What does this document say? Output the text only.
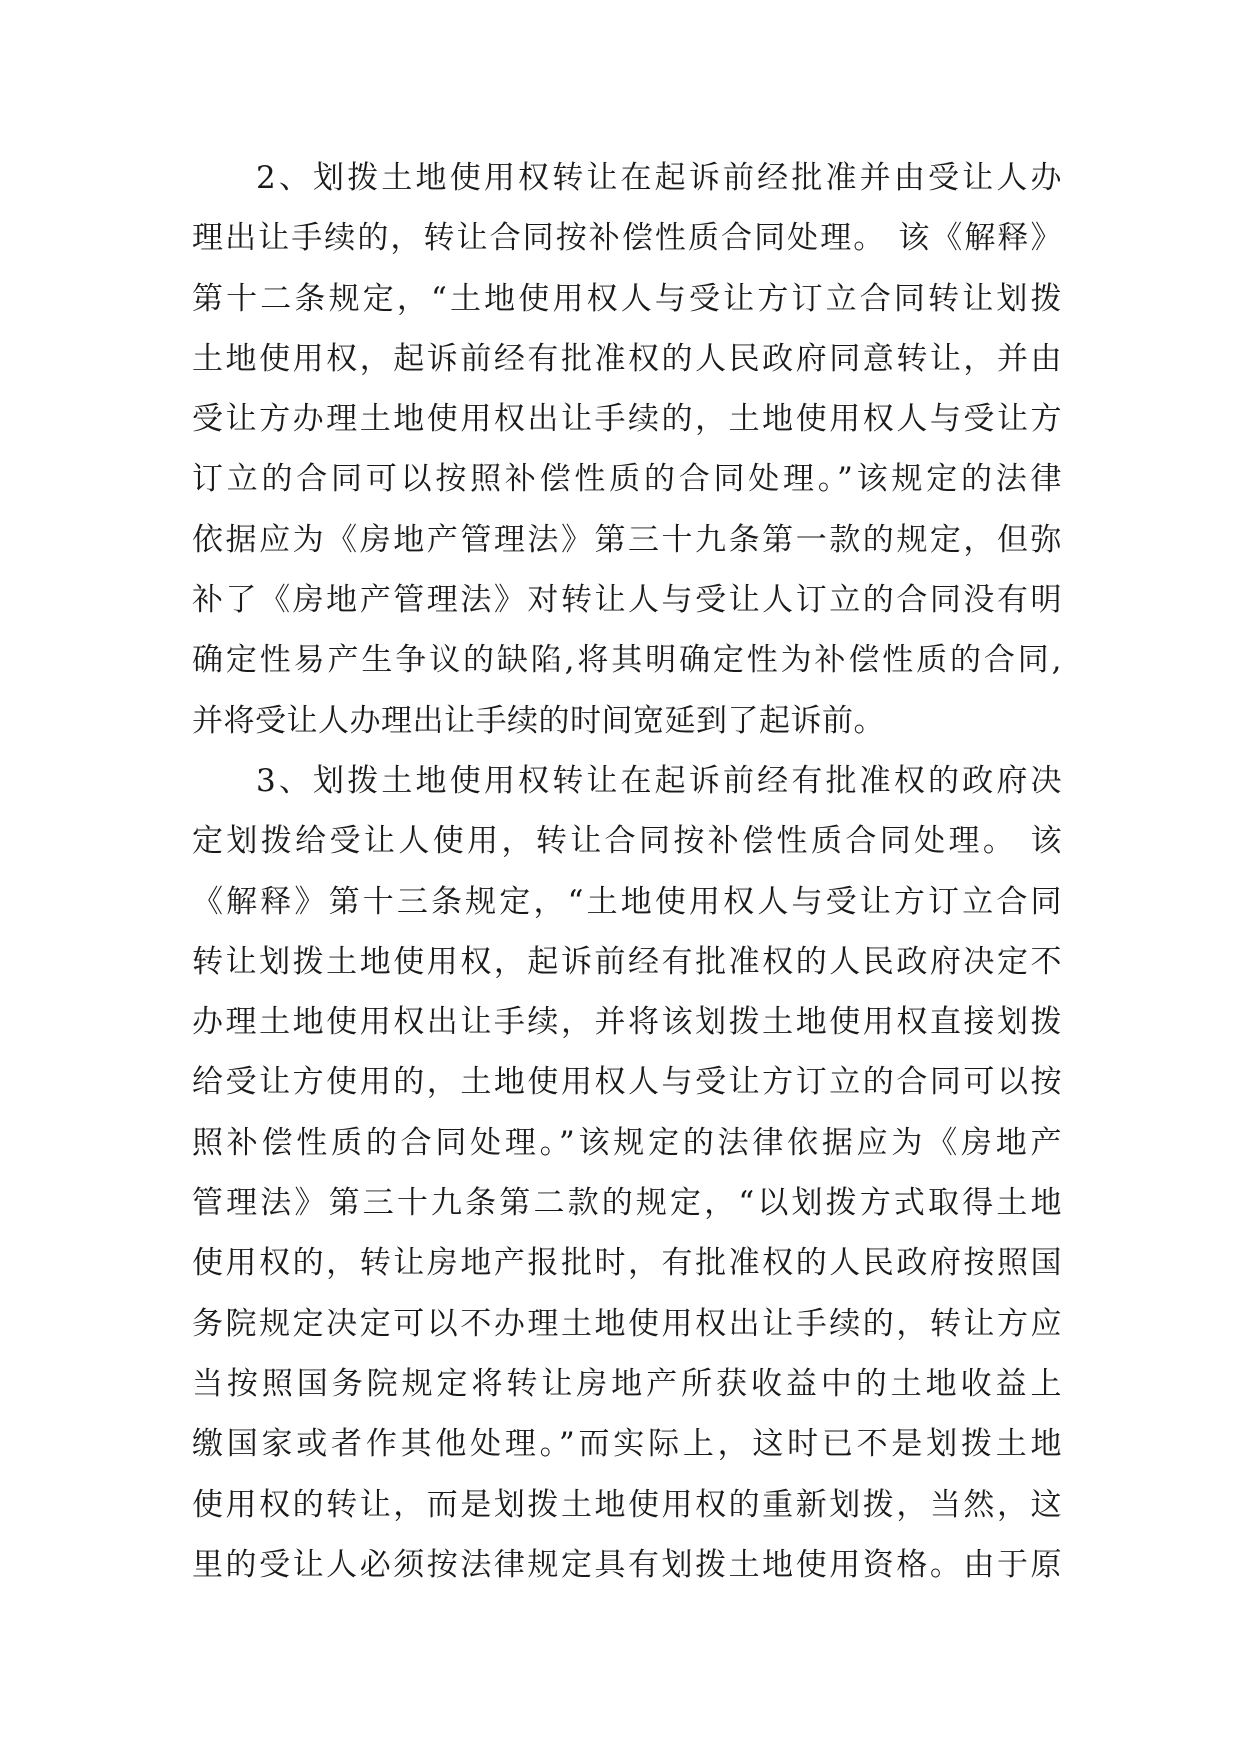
2、划拨土地使用权转让在起诉前经批准并由受让人办
理出让手续的，转让合同按补偿性质合同处理。 该《解释》
第十二条规定，“土地使用权人与受让方订立合同转让划拨
土地使用权，起诉前经有批准权的人民政府同意转让，并由
受让方办理土地使用权出让手续的，土地使用权人与受让方
订立的合同可以按照补偿性质的合同处理。”该规定的法律
依据应为《房地产管理法》第三十九条第一款的规定，但弥
补了《房地产管理法》对转让人与受让人订立的合同没有明
确定性易产生争议的缺陷,将其明确定性为补偿性质的合同,
并将受让人办理出让手续的时间宽延到了起诉前。
3、划拨土地使用权转让在起诉前经有批准权的政府决
定划拨给受让人使用，转让合同按补偿性质合同处理。 该
《解释》第十三条规定，“土地使用权人与受让方订立合同
转让划拨土地使用权，起诉前经有批准权的人民政府决定不
办理土地使用权出让手续，并将该划拨土地使用权直接划拨
给受让方使用的，土地使用权人与受让方订立的合同可以按
照补偿性质的合同处理。”该规定的法律依据应为《房地产
管理法》第三十九条第二款的规定，“以划拨方式取得土地
使用权的，转让房地产报批时，有批准权的人民政府按照国
务院规定决定可以不办理土地使用权出让手续的，转让方应
当按照国务院规定将转让房地产所获收益中的土地收益上
缴国家或者作其他处理。”而实际上，这时已不是划拨土地
使用权的转让，而是划拨土地使用权的重新划拨，当然，这
里的受让人必须按法律规定具有划拨土地使用资格。由于原
